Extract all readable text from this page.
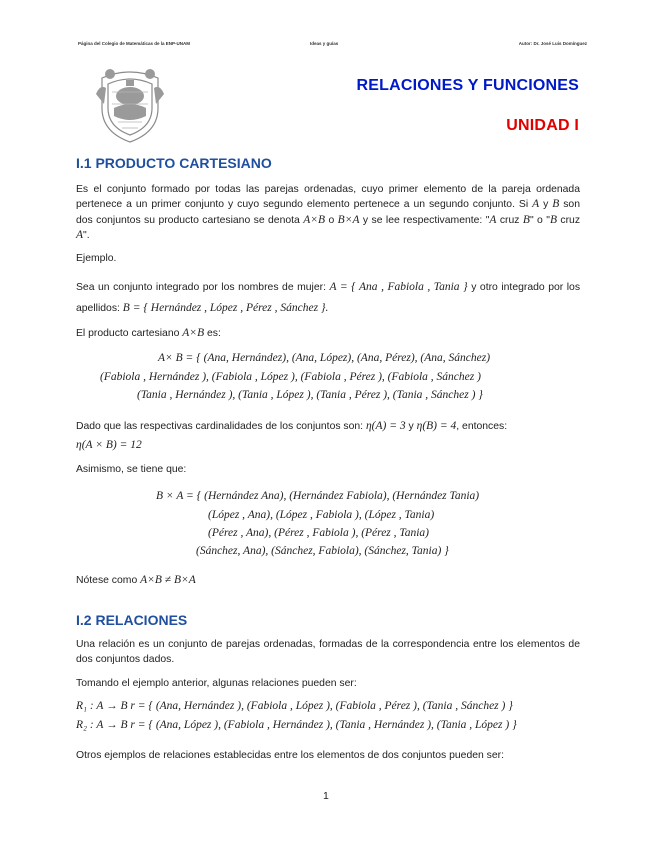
Página del Colegio de Matemáticas de la ENP-UNAM	Ideas y guías	Autor: Dr. José Luis Domínguez
RELACIONES Y FUNCIONES
UNIDAD I
I.1 PRODUCTO CARTESIANO
Es el conjunto formado por todas las parejas ordenadas, cuyo primer elemento de la pareja ordenada pertenece a un primer conjunto y cuyo segundo elemento pertenece a un segundo conjunto. Si A y B son dos conjuntos su producto cartesiano se denota A×B o B×A y se lee respectivamente: "A cruz B" o "B cruz A".
Ejemplo.
Sea un conjunto integrado por los nombres de mujer: A = { Ana , Fabiola , Tania } y otro integrado por los apellidos: B = { Hernández , López , Pérez , Sánchez }.
El producto cartesiano A×B es:
A× B = { (Ana, Hernández), (Ana, López), (Ana, Pérez), (Ana, Sánchez)
(Fabiola , Hernández ), (Fabiola , López ), (Fabiola , Pérez ), (Fabiola , Sánchez )
(Tania , Hernández ), (Tania , López ), (Tania , Pérez ), (Tania , Sánchez ) }
Dado que las respectivas cardinalidades de los conjuntos son: η(A) = 3 y η(B) = 4, entonces:
η(A × B) = 12
Asimismo, se tiene que:
B × A = { (Hernández Ana), (Hernández Fabiola), (Hernández Tania)
(López , Ana), (López , Fabiola ), (López , Tania)
(Pérez , Ana), (Pérez , Fabiola ), (Pérez , Tania)
(Sánchez, Ana), (Sánchez, Fabiola), (Sánchez, Tania) }
Nótese como A×B ≠ B×A
I.2 RELACIONES
Una relación es un conjunto de parejas ordenadas, formadas de la correspondencia entre los elementos de dos conjuntos dados.
Tomando el ejemplo anterior, algunas relaciones pueden ser:
R₁ : A → B r = { (Ana, Hernández ), (Fabiola , López ), (Fabiola , Pérez ), (Tania , Sánchez ) }
R₂ : A → B r = { (Ana, López ), (Fabiola , Hernández ), (Tania , Hernández ), (Tania , López ) }
Otros ejemplos de relaciones establecidas entre los elementos de dos conjuntos pueden ser:
1
